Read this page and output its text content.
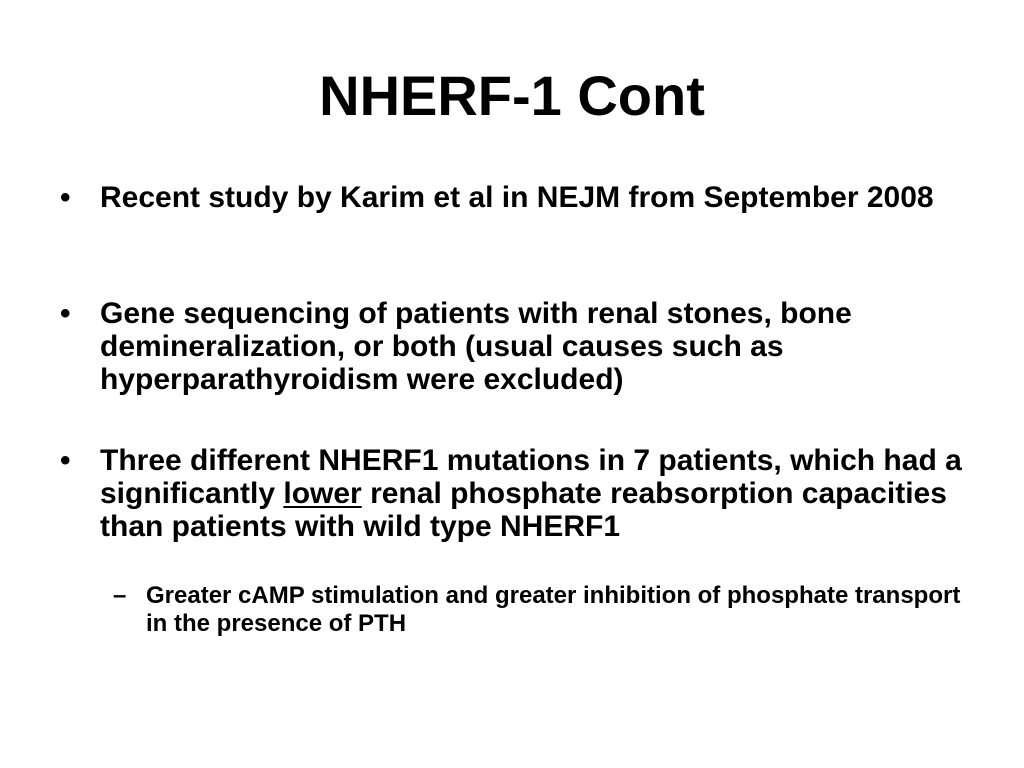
NHERF-1 Cont
• Recent study by Karim et al in NEJM from September 2008
• Gene sequencing of patients with renal stones, bone demineralization, or both (usual causes such as hyperparathyroidism were excluded)
• Three different NHERF1 mutations in 7 patients, which had a significantly lower renal phosphate reabsorption capacities than patients with wild type NHERF1
– Greater cAMP stimulation and greater inhibition of phosphate transport in the presence of PTH
